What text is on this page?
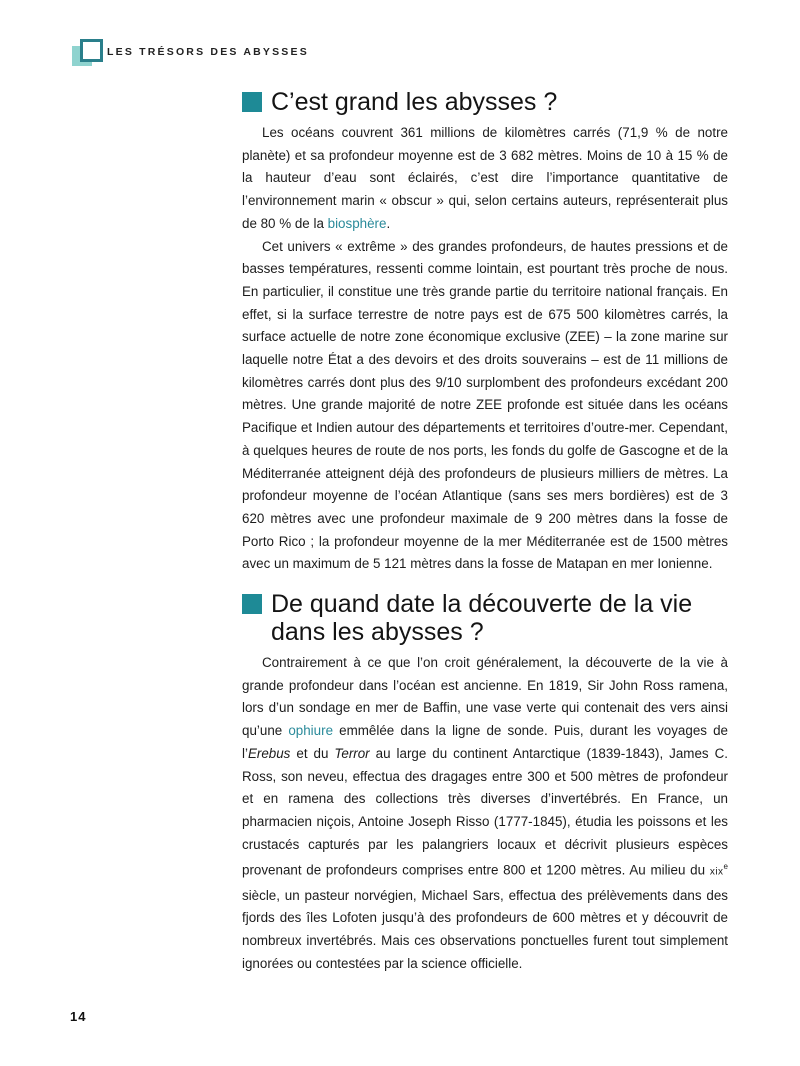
LES TRÉSORS DES ABYSSES
C’est grand les abysses ?

Les océans couvrent 361 millions de kilomètres carrés (71,9 % de notre planète) et sa profondeur moyenne est de 3 682 mètres. Moins de 10 à 15 % de la hauteur d’eau sont éclairés, c’est dire l’importance quantitative de l’environnement marin « obscur » qui, selon certains auteurs, représenterait plus de 80 % de la biosphère.

Cet univers « extrême » des grandes profondeurs, de hautes pressions et de basses températures, ressenti comme lointain, est pourtant très proche de nous. En particulier, il constitue une très grande partie du territoire national français. En effet, si la surface terrestre de notre pays est de 675 500 kilomètres carrés, la surface actuelle de notre zone économique exclusive (ZEE) – la zone marine sur laquelle notre État a des devoirs et des droits souverains – est de 11 millions de kilomètres carrés dont plus des 9/10 surplombent des profondeurs excédant 200 mètres. Une grande majorité de notre ZEE profonde est située dans les océans Pacifique et Indien autour des départements et territoires d’outre-mer. Cependant, à quelques heures de route de nos ports, les fonds du golfe de Gascogne et de la Méditerranée atteignent déjà des profondeurs de plusieurs milliers de mètres. La profondeur moyenne de l’océan Atlantique (sans ses mers bordières) est de 3 620 mètres avec une profondeur maximale de 9 200 mètres dans la fosse de Porto Rico ; la profondeur moyenne de la mer Méditerranée est de 1500 mètres avec un maximum de 5 121 mètres dans la fosse de Matapan en mer Ionienne.

De quand date la découverte de la vie dans les abysses ?

Contrairement à ce que l’on croit généralement, la découverte de la vie à grande profondeur dans l’océan est ancienne. En 1819, Sir John Ross ramena, lors d’un sondage en mer de Baffin, une vase verte qui contenait des vers ainsi qu’une ophiure emmêlée dans la ligne de sonde. Puis, durant les voyages de l’Erebus et du Terror au large du continent Antarctique (1839-1843), James C. Ross, son neveu, effectua des dragages entre 300 et 500 mètres de profondeur et en ramena des collections très diverses d’invertébrés. En France, un pharmacien niçois, Antoine Joseph Risso (1777-1845), étudia les poissons et les crustacés capturés par les palangriers locaux et décrivit plusieurs espèces provenant de profondeurs comprises entre 800 et 1200 mètres. Au milieu du xix$^e$ siècle, un pasteur norvégien, Michael Sars, effectua des prélèvements dans des fjords des îles Lofoten jusqu’à des profondeurs de 600 mètres et y découvrit de nombreux invertébrés. Mais ces observations ponctuelles furent tout simplement ignorées ou contestées par la science officielle.

14
